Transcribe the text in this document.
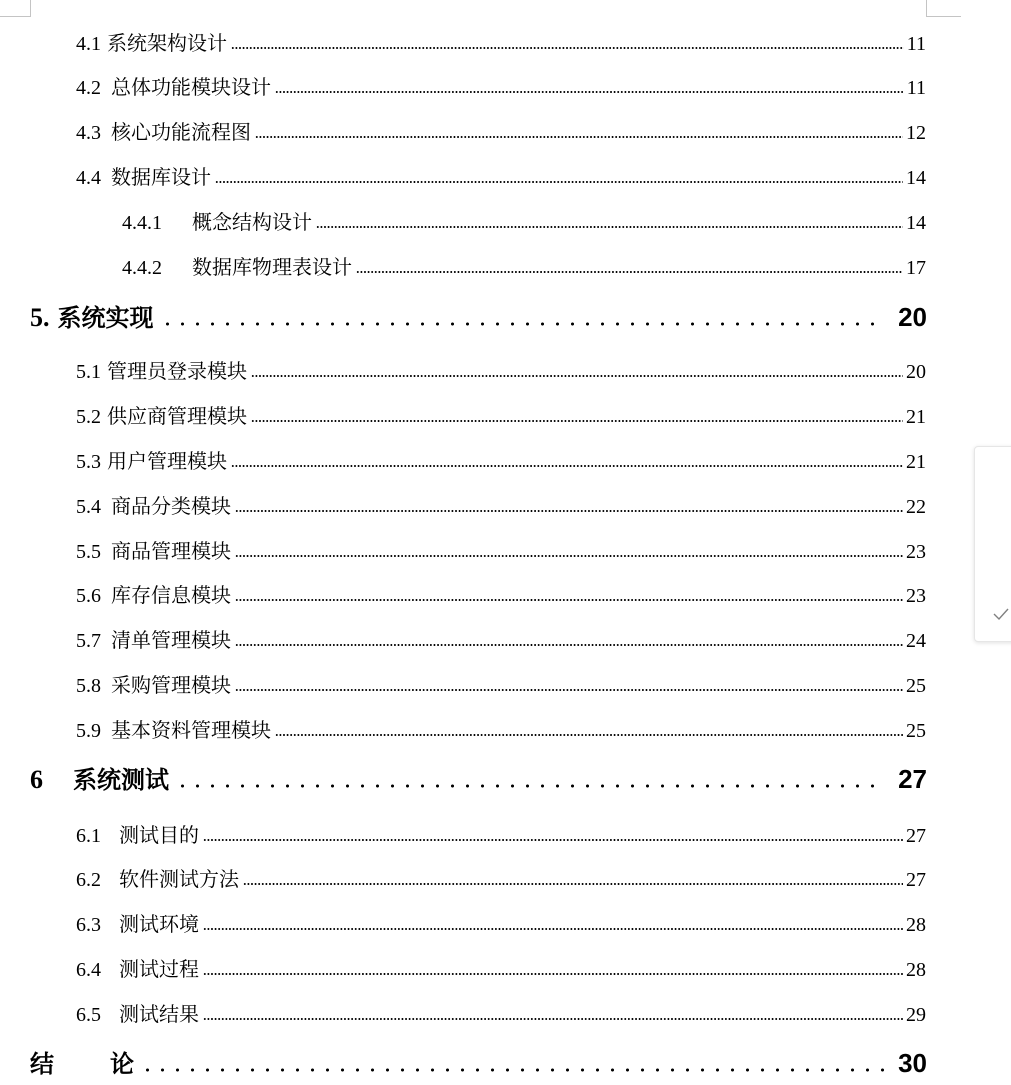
4.1 系统架构设计	11
4.2 总体功能模块设计	11
4.3 核心功能流程图	12
4.4 数据库设计	14
4.4.1 概念结构设计	14
4.4.2 数据库物理表设计	17
5. 系统实现	20
5.1 管理员登录模块	20
5.2 供应商管理模块	21
5.3 用户管理模块	21
5.4 商品分类模块	22
5.5 商品管理模块	23
5.6 库存信息模块	23
5.7 清单管理模块	24
5.8 采购管理模块	25
5.9 基本资料管理模块	25
6 系统测试	27
6.1 测试目的	27
6.2 软件测试方法	27
6.3 测试环境	28
6.4 测试过程	28
6.5 测试结果	29
结 论	30
